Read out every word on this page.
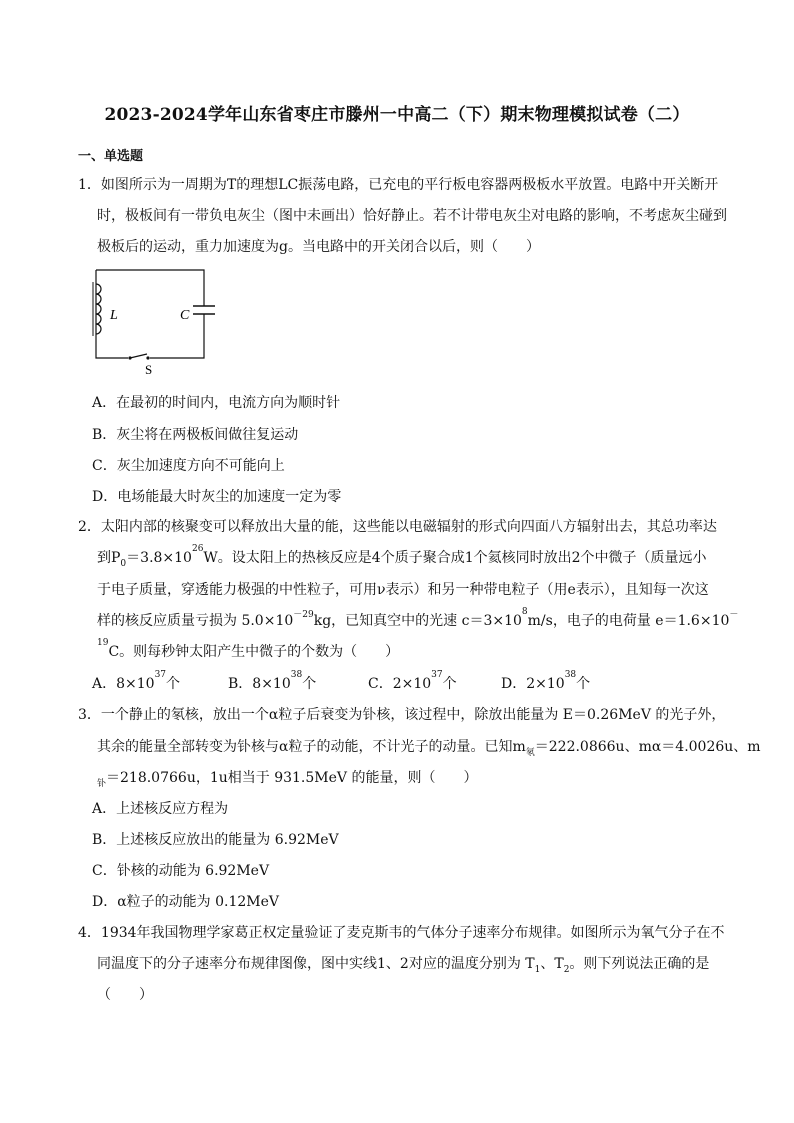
2023-2024学年山东省枣庄市滕州一中高二（下）期末物理模拟试卷（二）
一、单选题
1．如图所示为一周期为T的理想LC振荡电路，已充电的平行板电容器两极板水平放置。电路中开关断开
时，极板间有一带负电灰尘（图中未画出）恰好静止。若不计带电灰尘对电路的影响，不考虑灰尘碰到
极板后的运动，重力加速度为g。当电路中的开关闭合以后，则（　　）
L	C
S
A．在最初的时间内，电流方向为顺时针
B．灰尘将在两极板间做往复运动
C．灰尘加速度方向不可能向上
D．电场能最大时灰尘的加速度一定为零
2．太阳内部的核聚变可以释放出大量的能，这些能以电磁辐射的形式向四面八方辐射出去，其总功率达
到$P_0=3.8\times 10^{26}W$。设太阳上的热核反应是4个质子聚合成1个氦核同时放出2个中微子（质量远小
于电子质量，穿透能力极强的中性粒子，可用ν表示）和另一种带电粒子（用e表示），且知每一次这
样的核反应质量亏损为 $5.0\times 10^{-29}kg$，已知真空中的光速 $c=3\times 10^8m/s$，电子的电荷量 e＝1.6×10－
$^{19}$C。则每秒钟太阳产生中微子的个数为（　　）
A．$8\times 10^{37}$个	B．$8\times 10^{38}$个	C．$2\times 10^{37}$个	D．$2\times 10^{38}$个
3．一个静止的氡核，放出一个α粒子后衰变为钋核，该过程中，除放出能量为 E＝0.26MeV 的光子外，
其余的能量全部转变为钋核与α粒子的动能，不计光子的动量。已知$m_氡=222.0866u$、mα＝4.0026u、m
$_钋$＝218.0766u，1u相当于 931.5MeV 的能量，则（　　）
A．上述核反应方程为
B．上述核反应放出的能量为 6.92MeV
C．钋核的动能为 6.92MeV
D．α粒子的动能为 0.12MeV
4．1934年我国物理学家葛正权定量验证了麦克斯韦的气体分子速率分布规律。如图所示为氧气分子在不
同温度下的分子速率分布规律图像，图中实线1、2对应的温度分别为 $T_1$、$T_2$。则下列说法正确的是
（　　）
